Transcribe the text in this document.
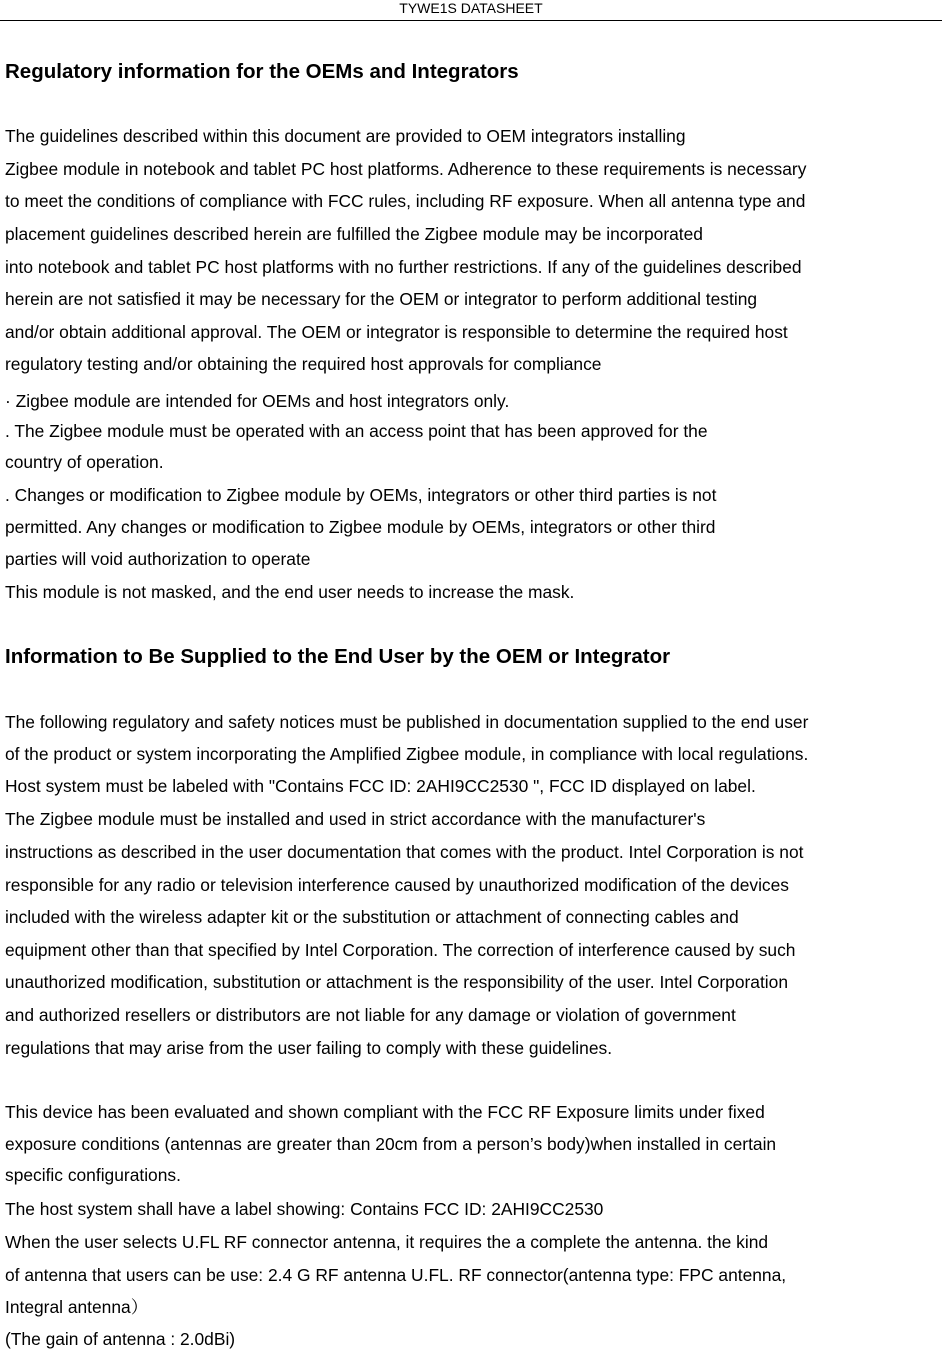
TYWE1S DATASHEET
Regulatory information for the OEMs and Integrators
The guidelines described within this document are provided to OEM integrators installing
Zigbee module in notebook and tablet PC host platforms. Adherence to these requirements is necessary
to meet the conditions of compliance with FCC rules, including RF exposure. When all antenna type and
placement guidelines described herein are fulfilled the Zigbee module may be incorporated
into notebook and tablet PC host platforms with no further restrictions. If any of the guidelines described
herein are not satisfied it may be necessary for the OEM or integrator to perform additional testing
and/or obtain additional approval. The OEM or integrator is responsible to determine the required host
regulatory testing and/or obtaining the required host approvals for compliance
· Zigbee module are intended for OEMs and host integrators only.
. The Zigbee module must be operated with an access point that has been approved for the
country of operation.
. Changes or modification to Zigbee module by OEMs, integrators or other third parties is not
permitted. Any changes or modification to Zigbee module by OEMs, integrators or other third
parties will void authorization to operate
This module is not masked, and the end user needs to increase the mask.
Information to Be Supplied to the End User by the OEM or Integrator
The following regulatory and safety notices must be published in documentation supplied to the end user
of the product or system incorporating the Amplified Zigbee module, in compliance with local regulations.
Host system must be labeled with "Contains FCC ID: 2AHI9CC2530 ", FCC ID displayed on label.
The Zigbee module must be installed and used in strict accordance with the manufacturer's
instructions as described in the user documentation that comes with the product. Intel Corporation is not
responsible for any radio or television interference caused by unauthorized modification of the devices
included with the wireless adapter kit or the substitution or attachment of connecting cables and
equipment other than that specified by Intel Corporation. The correction of interference caused by such
unauthorized modification, substitution or attachment is the responsibility of the user. Intel Corporation
and authorized resellers or distributors are not liable for any damage or violation of government
regulations that may arise from the user failing to comply with these guidelines.
This device has been evaluated and shown compliant with the FCC RF Exposure limits under fixed
exposure conditions (antennas are greater than 20cm from a person’s body)when installed in certain
specific configurations.
The host system shall have a label showing: Contains FCC ID: 2AHI9CC2530
When the user selects U.FL RF connector antenna, it requires the a complete the antenna. the kind
of antenna that users can be use: 2.4 G RF antenna U.FL. RF connector(antenna type: FPC antenna,
Integral antenna）
(The gain of antenna : 2.0dBi)
